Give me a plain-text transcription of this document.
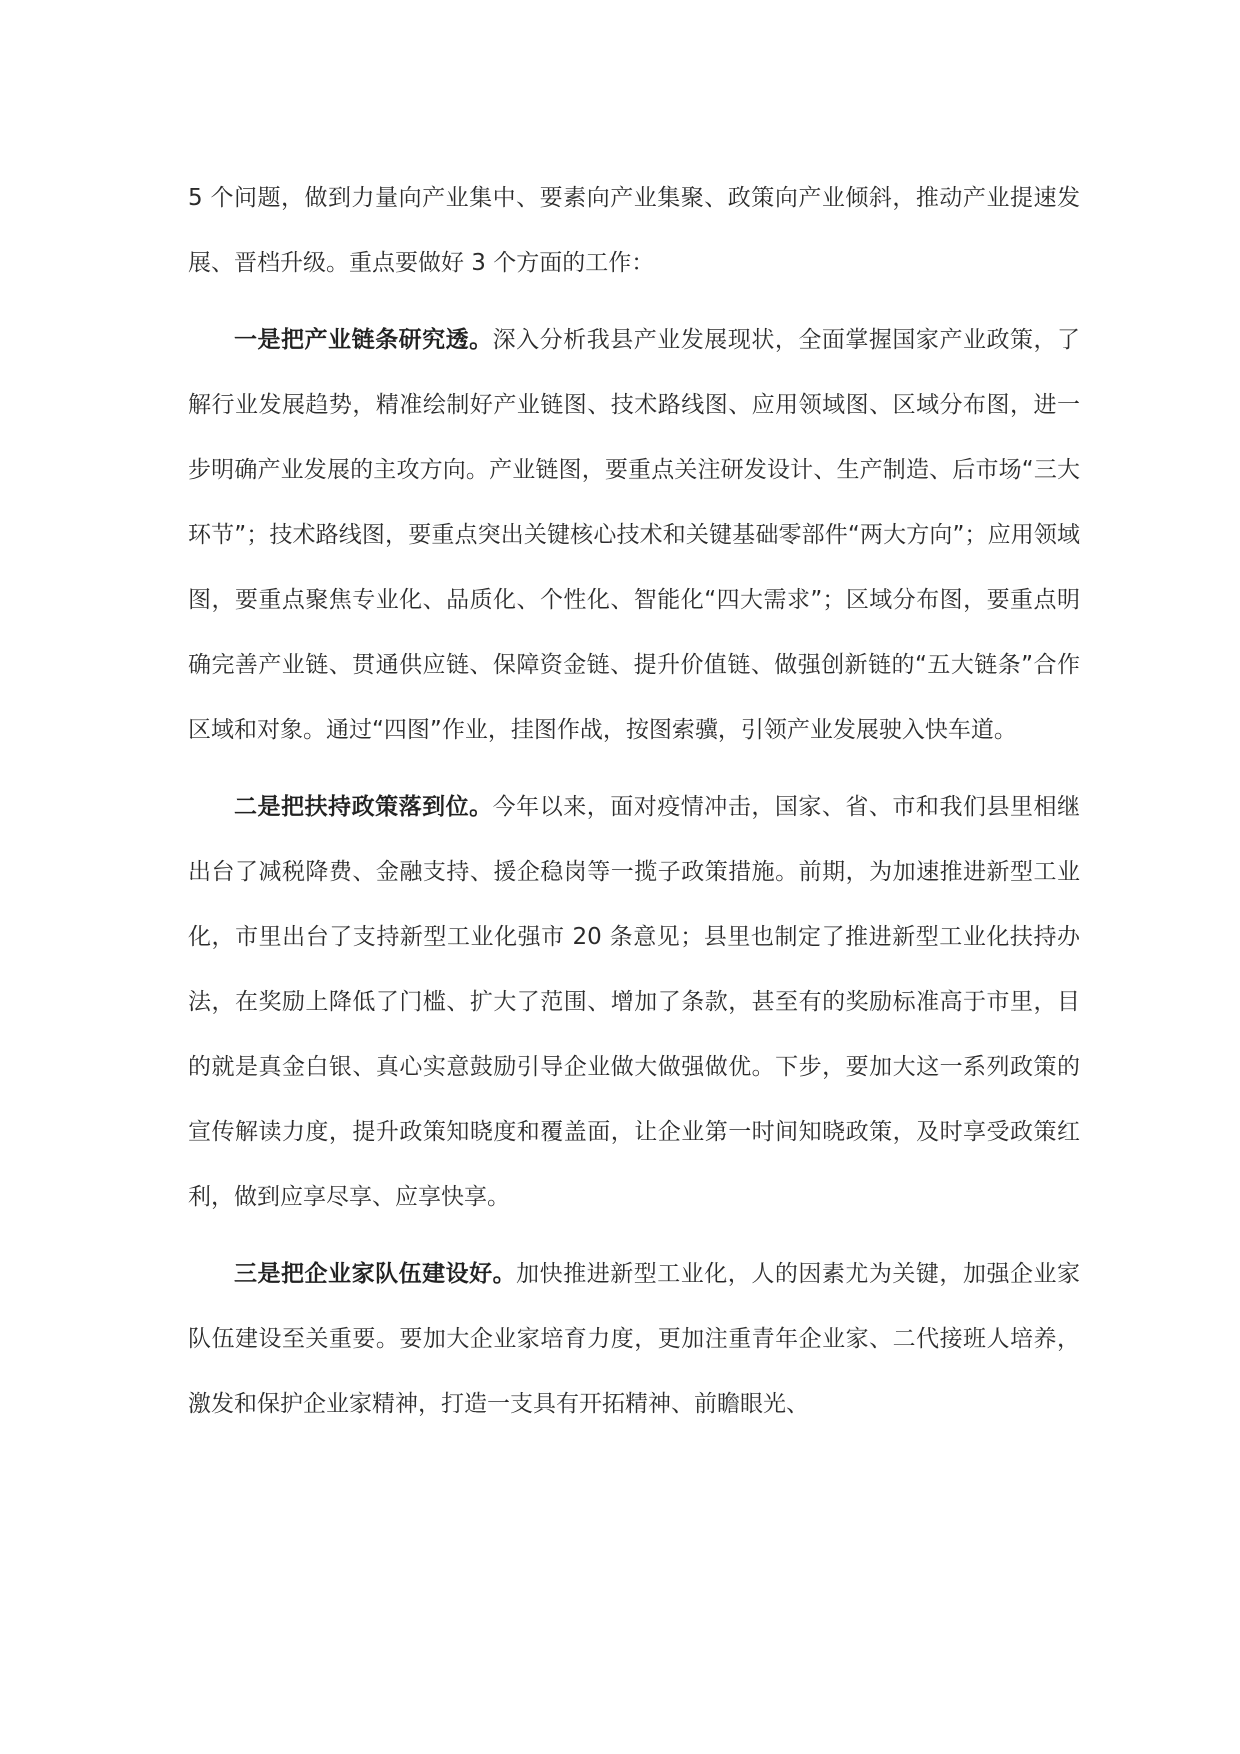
5 个问题，做到力量向产业集中、要素向产业集聚、政策向产业倾斜，推动产业提速发展、晋档升级。重点要做好 3 个方面的工作：

一是把产业链条研究透。深入分析我县产业发展现状，全面掌握国家产业政策，了解行业发展趋势，精准绘制好产业链图、技术路线图、应用领域图、区域分布图，进一步明确产业发展的主攻方向。产业链图，要重点关注研发设计、生产制造、后市场“三大环节”；技术路线图，要重点突出关键核心技术和关键基础零部件“两大方向”；应用领域图，要重点聚焦专业化、品质化、个性化、智能化“四大需求”；区域分布图，要重点明确完善产业链、贯通供应链、保障资金链、提升价值链、做强创新链的“五大链条”合作区域和对象。通过“四图”作业，挂图作战，按图索骥，引领产业发展驶入快车道。

二是把扶持政策落到位。今年以来，面对疫情冲击，国家、省、市和我们县里相继出台了减税降费、金融支持、援企稳岗等一揽子政策措施。前期，为加速推进新型工业化，市里出台了支持新型工业化强市 20 条意见；县里也制定了推进新型工业化扶持办法，在奖励上降低了门槛、扩大了范围、增加了条款，甚至有的奖励标准高于市里，目的就是真金白银、真心实意鼓励引导企业做大做强做优。下步，要加大这一系列政策的宣传解读力度，提升政策知晓度和覆盖面，让企业第一时间知晓政策，及时享受政策红利，做到应享尽享、应享快享。

三是把企业家队伍建设好。加快推进新型工业化，人的因素尤为关键，加强企业家队伍建设至关重要。要加大企业家培育力度，更加注重青年企业家、二代接班人培养，激发和保护企业家精神，打造一支具有开拓精神、前瞻眼光、
